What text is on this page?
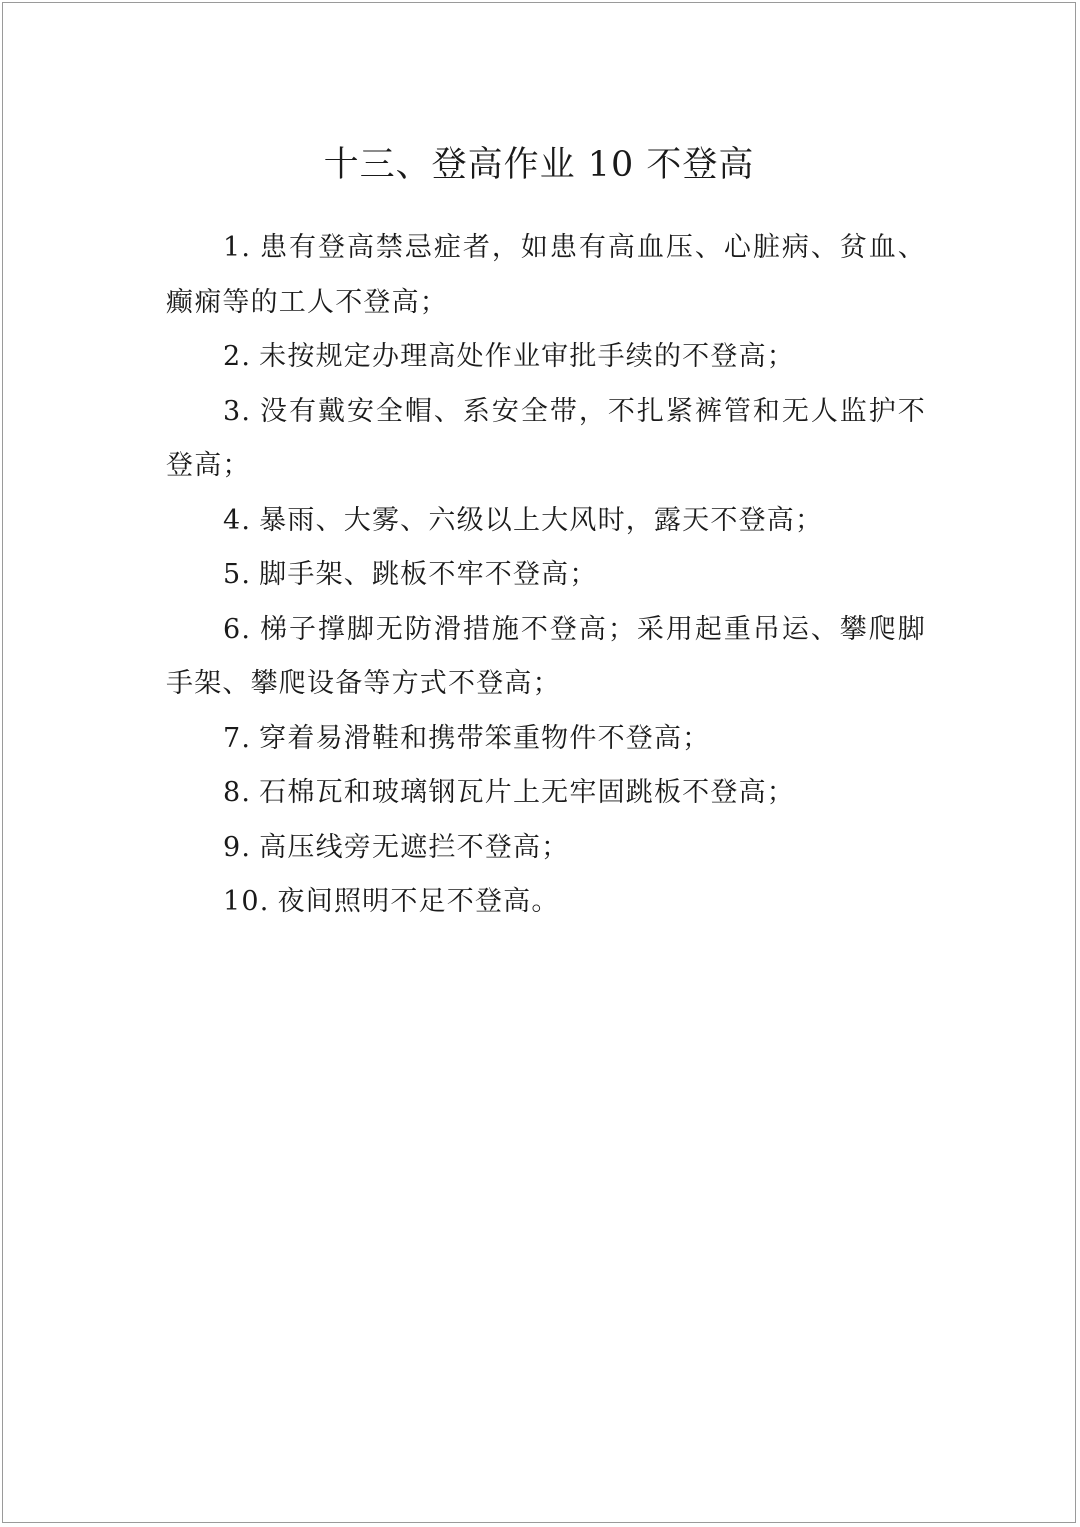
十三、登高作业 10 不登高

1. 患有登高禁忌症者，如患有高血压、心脏病、贫血、癫痫等的工人不登高；

2. 未按规定办理高处作业审批手续的不登高；

3. 没有戴安全帽、系安全带，不扎紧裤管和无人监护不登高；

4. 暴雨、大雾、六级以上大风时，露天不登高；

5. 脚手架、跳板不牢不登高；

6. 梯子撑脚无防滑措施不登高；采用起重吊运、攀爬脚手架、攀爬设备等方式不登高；

7. 穿着易滑鞋和携带笨重物件不登高；

8. 石棉瓦和玻璃钢瓦片上无牢固跳板不登高；

9. 高压线旁无遮拦不登高；

10. 夜间照明不足不登高。
